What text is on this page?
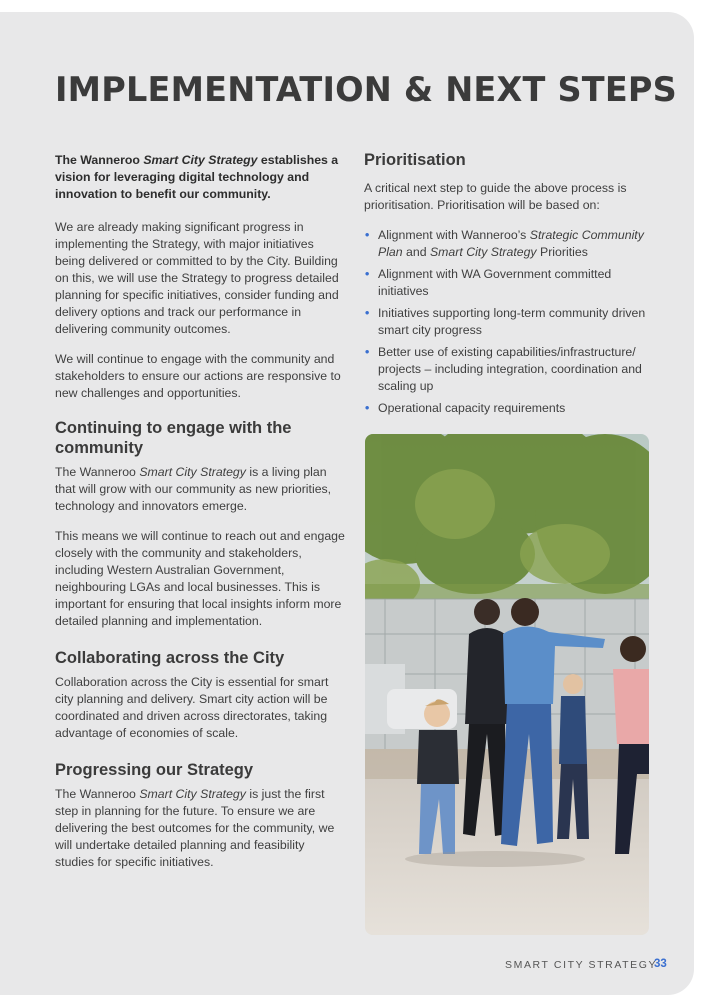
IMPLEMENTATION & NEXT STEPS

The Wanneroo Smart City Strategy establishes a vision for leveraging digital technology and innovation to benefit our community.

We are already making significant progress in implementing the Strategy, with major initiatives being delivered or committed to by the City. Building on this, we will use the Strategy to progress detailed planning for specific initiatives, consider funding and delivery options and track our performance in delivering community outcomes.

We will continue to engage with the community and stakeholders to ensure our actions are responsive to new challenges and opportunities.

Continuing to engage with the community

The Wanneroo Smart City Strategy is a living plan that will grow with our community as new priorities, technology and innovators emerge.

This means we will continue to reach out and engage closely with the community and stakeholders, including Western Australian Government, neighbouring LGAs and local businesses. This is important for ensuring that local insights inform more detailed planning and implementation.

Collaborating across the City

Collaboration across the City is essential for smart city planning and delivery. Smart city action will be coordinated and driven across directorates, taking advantage of economies of scale.

Progressing our Strategy

The Wanneroo Smart City Strategy is just the first step in planning for the future. To ensure we are delivering the best outcomes for the community, we will undertake detailed planning and feasibility studies for specific initiatives.

Prioritisation

A critical next step to guide the above process is prioritisation. Prioritisation will be based on:

• Alignment with Wanneroo’s Strategic Community Plan and Smart City Strategy Priorities
• Alignment with WA Government committed initiatives
• Initiatives supporting long-term community driven smart city progress
• Better use of existing capabilities/infrastructure/ projects – including integration, coordination and scaling up
• Operational capacity requirements
SMART CITY STRATEGY
33
